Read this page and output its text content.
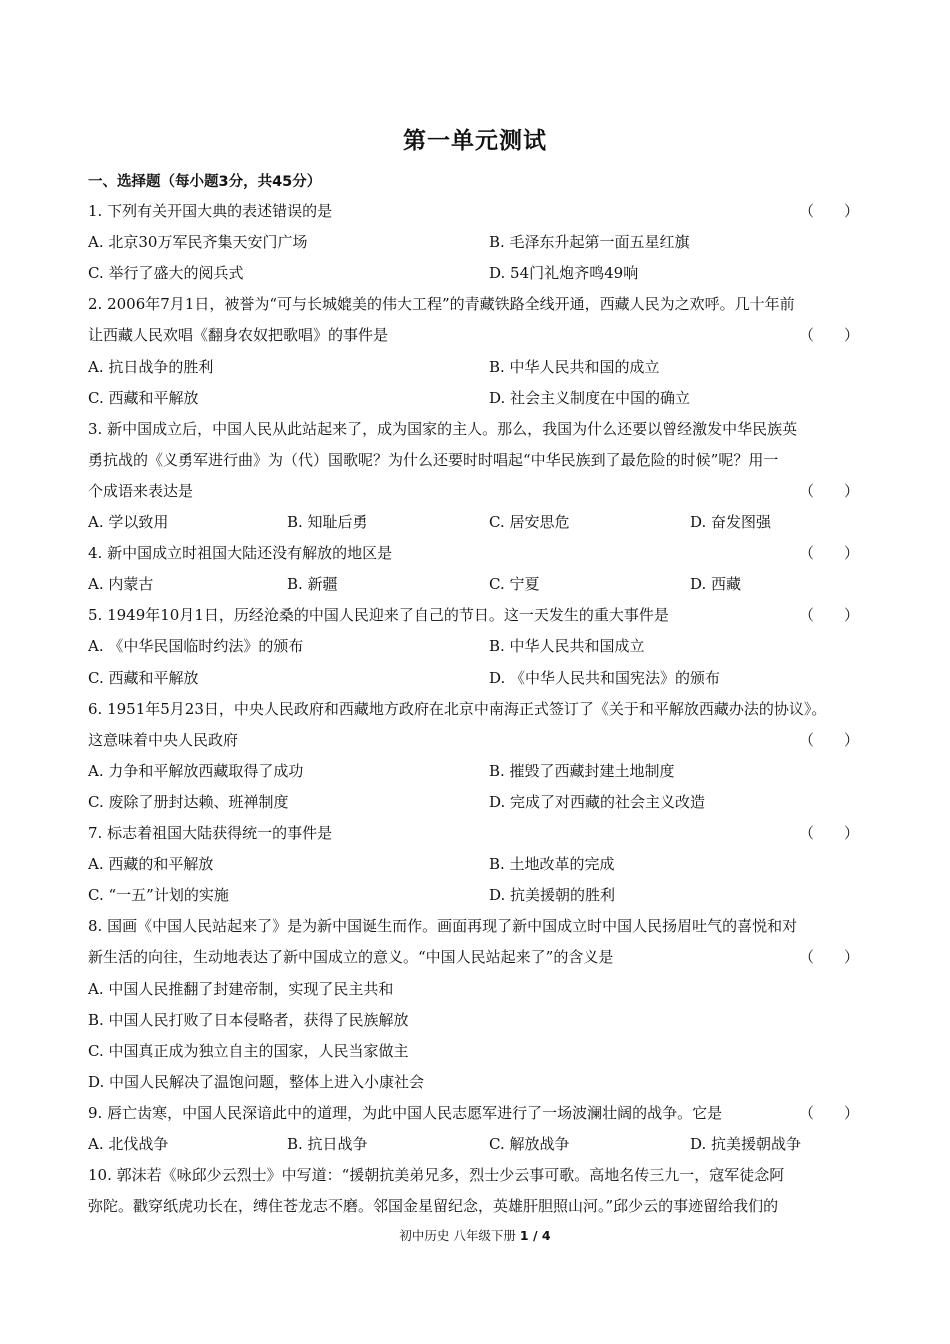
第一单元测试
一、选择题（每小题3分，共45分）
1. 下列有关开国大典的表述错误的是	（　　）
A. 北京30万军民齐集天安门广场	B. 毛泽东升起第一面五星红旗
C. 举行了盛大的阅兵式	D. 54门礼炮齐鸣49响
2. 2006年7月1日，被誉为“可与长城媲美的伟大工程”的青藏铁路全线开通，西藏人民为之欢呼。几十年前
让西藏人民欢唱《翻身农奴把歌唱》的事件是	（　　）
A. 抗日战争的胜利	B. 中华人民共和国的成立
C. 西藏和平解放	D. 社会主义制度在中国的确立
3. 新中国成立后，中国人民从此站起来了，成为国家的主人。那么，我国为什么还要以曾经激发中华民族英
勇抗战的《义勇军进行曲》为（代）国歌呢？为什么还要时时唱起“中华民族到了最危险的时候”呢？用一
个成语来表达是	（　　）
A. 学以致用	B. 知耻后勇	C. 居安思危	D. 奋发图强
4. 新中国成立时祖国大陆还没有解放的地区是	（　　）
A. 内蒙古	B. 新疆	C. 宁夏	D. 西藏
5. 1949年10月1日，历经沧桑的中国人民迎来了自己的节日。这一天发生的重大事件是	（　　）
A. 《中华民国临时约法》的颁布	B. 中华人民共和国成立
C. 西藏和平解放	D. 《中华人民共和国宪法》的颁布
6. 1951年5月23日，中央人民政府和西藏地方政府在北京中南海正式签订了《关于和平解放西藏办法的协议》。
这意味着中央人民政府	（　　）
A. 力争和平解放西藏取得了成功	B. 摧毁了西藏封建土地制度
C. 废除了册封达赖、班禅制度	D. 完成了对西藏的社会主义改造
7. 标志着祖国大陆获得统一的事件是	（　　）
A. 西藏的和平解放	B. 土地改革的完成
C. “一五”计划的实施	D. 抗美援朝的胜利
8. 国画《中国人民站起来了》是为新中国诞生而作。画面再现了新中国成立时中国人民扬眉吐气的喜悦和对
新生活的向往，生动地表达了新中国成立的意义。“中国人民站起来了”的含义是	（　　）
A. 中国人民推翻了封建帝制，实现了民主共和
B. 中国人民打败了日本侵略者，获得了民族解放
C. 中国真正成为独立自主的国家，人民当家做主
D. 中国人民解决了温饱问题，整体上进入小康社会
9. 唇亡齿寒，中国人民深谙此中的道理，为此中国人民志愿军进行了一场波澜壮阔的战争。它是	（　　）
A. 北伐战争	B. 抗日战争	C. 解放战争	D. 抗美援朝战争
10. 郭沫若《咏邱少云烈士》中写道：“援朝抗美弟兄多，烈士少云事可歌。高地名传三九一，寇军徒念阿
弥陀。戳穿纸虎功长在，缚住苍龙志不磨。邻国金星留纪念，英雄肝胆照山河。”邱少云的事迹留给我们的
初中历史 八年级下册 1 / 4
